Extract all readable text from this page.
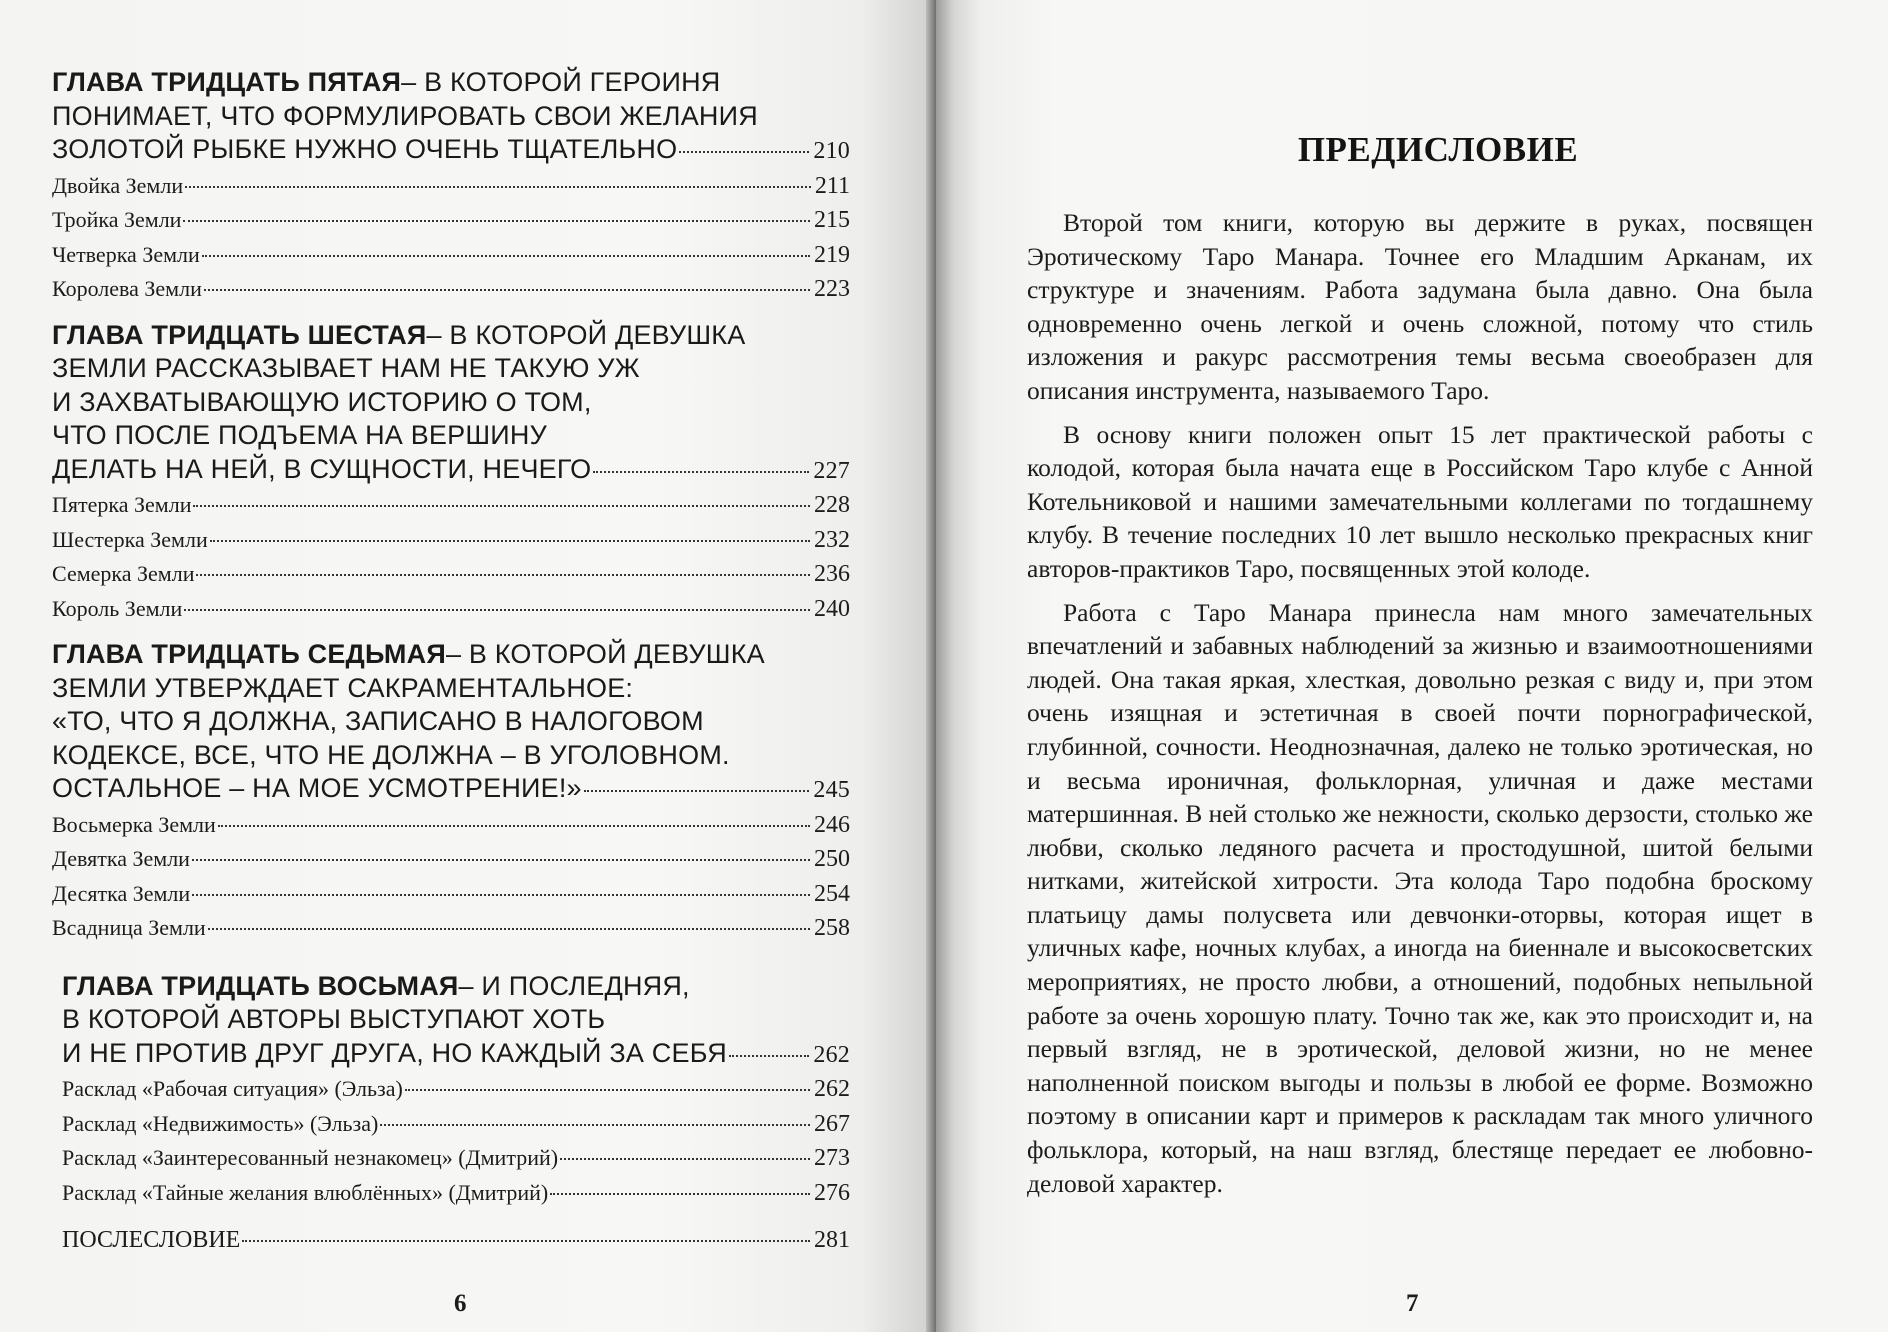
ГЛАВА ТРИДЦАТЬ ПЯТАЯ – В КОТОРОЙ ГЕРОИНЯ
ПОНИМАЕТ, ЧТО ФОРМУЛИРОВАТЬ СВОИ ЖЕЛАНИЯ
ЗОЛОТОЙ РЫБКЕ НУЖНО ОЧЕНЬ ТЩАТЕЛЬНО	210
Двойка Земли	211
Тройка Земли	215
Четверка Земли	219
Королева Земли	223
ГЛАВА ТРИДЦАТЬ ШЕСТАЯ – В КОТОРОЙ ДЕВУШКА
ЗЕМЛИ РАССКАЗЫВАЕТ НАМ НЕ ТАКУЮ УЖ
И ЗАХВАТЫВАЮЩУЮ ИСТОРИЮ О ТОМ,
ЧТО ПОСЛЕ ПОДЪЕМА НА ВЕРШИНУ
ДЕЛАТЬ НА НЕЙ, В СУЩНОСТИ, НЕЧЕГО	227
Пятерка Земли	228
Шестерка Земли	232
Семерка Земли	236
Король Земли	240
ГЛАВА ТРИДЦАТЬ СЕДЬМАЯ – В КОТОРОЙ ДЕВУШКА
ЗЕМЛИ УТВЕРЖДАЕТ САКРАМЕНТАЛЬНОЕ:
«ТО, ЧТО Я ДОЛЖНА, ЗАПИСАНО В НАЛОГОВОМ
КОДЕКСЕ, ВСЕ, ЧТО НЕ ДОЛЖНА – В УГОЛОВНОМ.
ОСТАЛЬНОЕ – НА МОЕ УСМОТРЕНИЕ!»	245
Восьмерка Земли	246
Девятка Земли	250
Десятка Земли	254
Всадница Земли	258
ГЛАВА ТРИДЦАТЬ ВОСЬМАЯ – И ПОСЛЕДНЯЯ,
В КОТОРОЙ АВТОРЫ ВЫСТУПАЮТ ХОТЬ
И НЕ ПРОТИВ ДРУГ ДРУГА, НО КАЖДЫЙ ЗА СЕБЯ	262
Расклад «Рабочая ситуация» (Эльза)	262
Расклад «Недвижимость» (Эльза)	267
Расклад «Заинтересованный незнакомец» (Дмитрий)	273
Расклад «Тайные желания влюблённых» (Дмитрий)	276
ПОСЛЕСЛОВИЕ	281
6
ПРЕДИСЛОВИЕ

Второй том книги, которую вы держите в руках, посвящен Эротическому Таро Манара. Точнее его Младшим Арканам, их структуре и значениям. Работа задумана была давно. Она была одновременно очень легкой и очень сложной, потому что стиль изложения и ракурс рассмотрения темы весьма своеобразен для описания инструмента, называемого Таро.

В основу книги положен опыт 15 лет практической работы с колодой, которая была начата еще в Российском Таро клубе с Анной Котельниковой и нашими замечательными коллегами по тогдашнему клубу. В течение последних 10 лет вышло несколько прекрасных книг авторов-практиков Таро, посвященных этой колоде.

Работа с Таро Манара принесла нам много замечательных впечатлений и забавных наблюдений за жизнью и взаимоотношениями людей. Она такая яркая, хлесткая, довольно резкая с виду и, при этом очень изящная и эстетичная в своей почти порнографической, глубинной, сочности. Неоднозначная, далеко не только эротическая, но и весьма ироничная, фольклорная, уличная и даже местами матершинная. В ней столько же нежности, сколько дерзости, столько же любви, сколько ледяного расчета и простодушной, шитой белыми нитками, житейской хитрости. Эта колода Таро подобна броскому платьицу дамы полусвета или девчонки-оторвы, которая ищет в уличных кафе, ночных клубах, а иногда на биеннале и высокосветских мероприятиях, не просто любви, а отношений, подобных непыльной работе за очень хорошую плату. Точно так же, как это происходит и, на первый взгляд, не в эротической, деловой жизни, но не менее наполненной поиском выгоды и пользы в любой ее форме. Возможно поэтому в описании карт и примеров к раскладам так много уличного фольклора, который, на наш взгляд, блестяще передает ее любовно-деловой характер.

7
